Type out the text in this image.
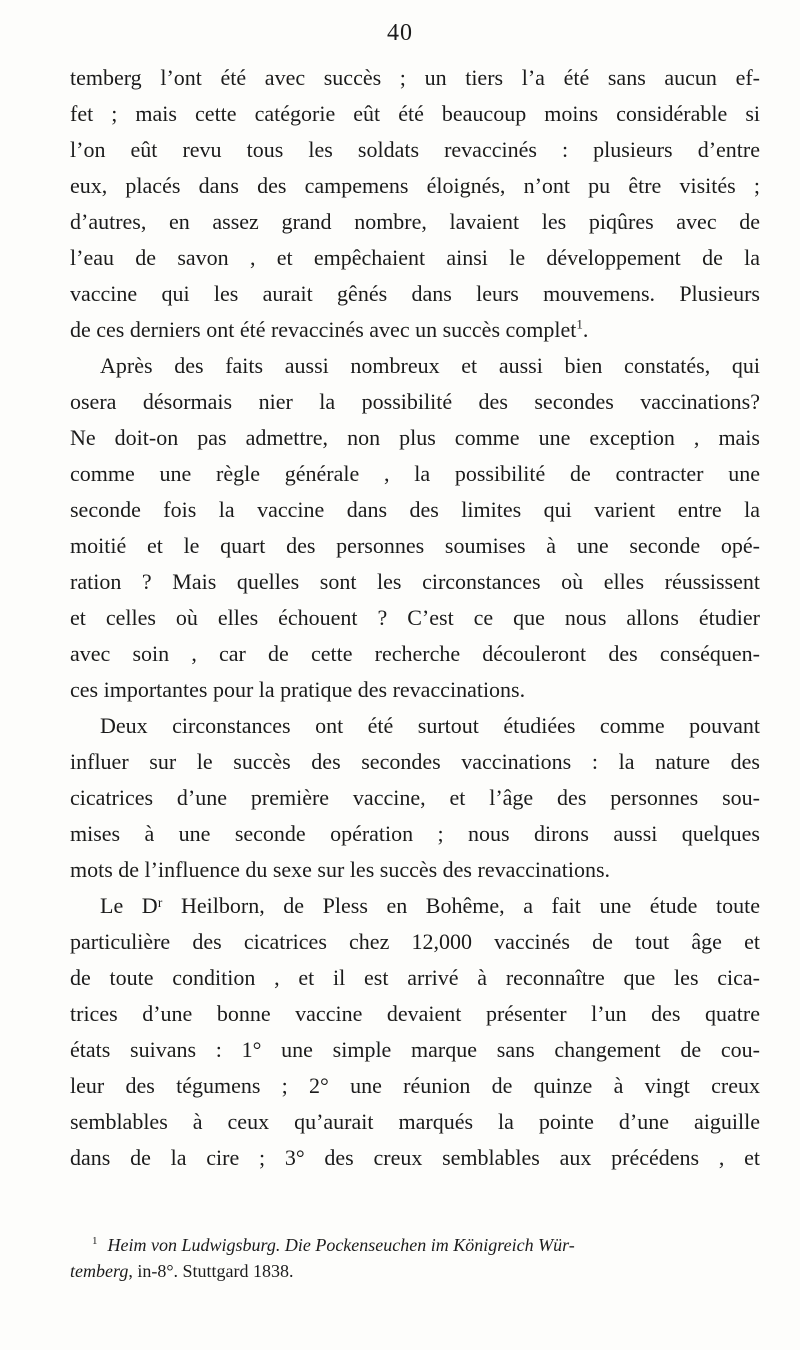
40
temberg l’ont été avec succès ; un tiers l’a été sans aucun ef-
fet ; mais cette catégorie eût été beaucoup moins considérable si
l’on eût revu tous les soldats revaccinés : plusieurs d’entre
eux, placés dans des campemens éloignés, n’ont pu être visités ;
d’autres, en assez grand nombre, lavaient les piqûres avec de
l’eau de savon , et empêchaient ainsi le développement de la
vaccine qui les aurait gênés dans leurs mouvemens. Plusieurs
de ces derniers ont été revaccinés avec un succès complet$^1$.
Après des faits aussi nombreux et aussi bien constatés, qui
osera désormais nier la possibilité des secondes vaccinations?
Ne doit-on pas admettre, non plus comme une exception , mais
comme une règle générale , la possibilité de contracter une
seconde fois la vaccine dans des limites qui varient entre la
moitié et le quart des personnes soumises à une seconde opé-
ration ? Mais quelles sont les circonstances où elles réussissent
et celles où elles échouent ? C’est ce que nous allons étudier
avec soin , car de cette recherche découleront des conséquen-
ces importantes pour la pratique des revaccinations.
Deux circonstances ont été surtout étudiées comme pouvant
influer sur le succès des secondes vaccinations : la nature des
cicatrices d’une première vaccine, et l’âge des personnes sou-
mises à une seconde opération ; nous dirons aussi quelques
mots de l’influence du sexe sur les succès des revaccinations.
Le Dʳ Heilborn, de Pless en Bohême, a fait une étude toute
particulière des cicatrices chez 12,000 vaccinés de tout âge et
de toute condition , et il est arrivé à reconnaître que les cica-
trices d’une bonne vaccine devaient présenter l’un des quatre
états suivans : 1° une simple marque sans changement de cou-
leur des tégumens ; 2° une réunion de quinze à vingt creux
semblables à ceux qu’aurait marqués la pointe d’une aiguille
dans de la cire ; 3° des creux semblables aux précédens , et
$^1$ Heim von Ludwigsburg. Die Pockenseuchen im Königreich Wür-
temberg, in-8°. Stuttgard 1838.
